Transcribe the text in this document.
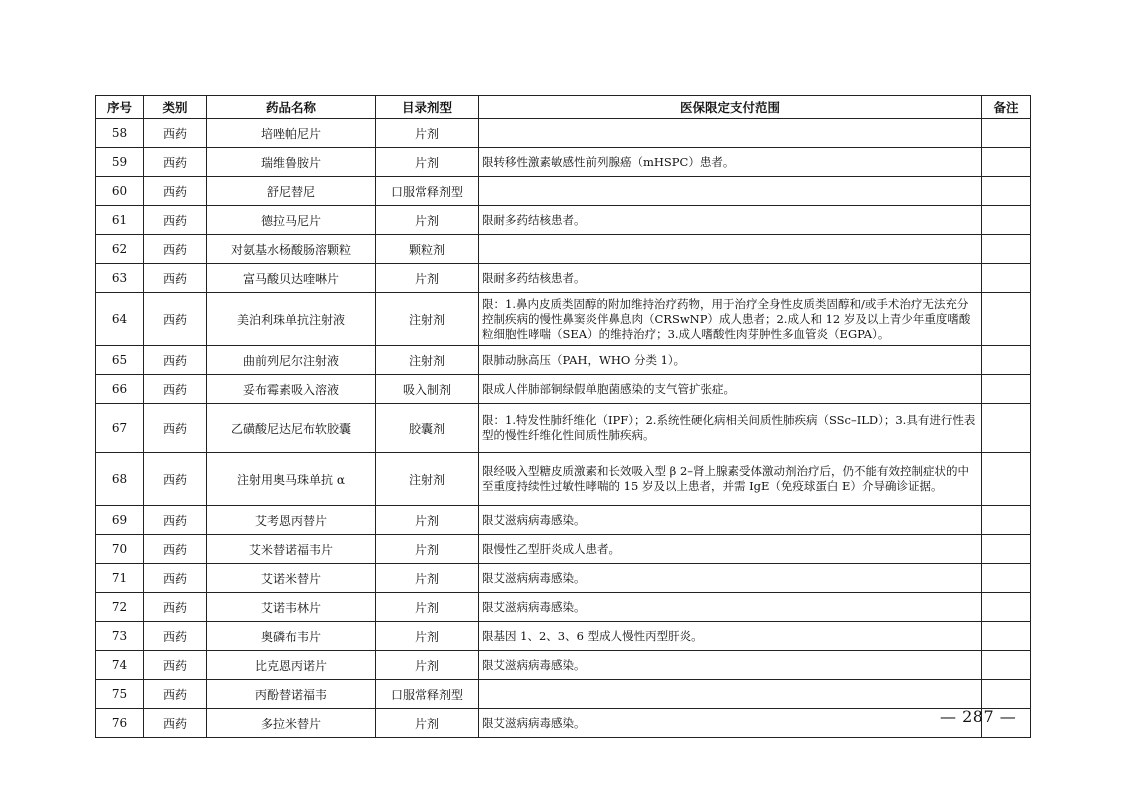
序号	类别	药品名称	目录剂型	医保限定支付范围	备注
58	西药	培唑帕尼片	片剂		
59	西药	瑞维鲁胺片	片剂	限转移性激素敏感性前列腺癌（mHSPC）患者。	
60	西药	舒尼替尼	口服常释剂型		
61	西药	德拉马尼片	片剂	限耐多药结核患者。	
62	西药	对氨基水杨酸肠溶颗粒	颗粒剂		
63	西药	富马酸贝达喹啉片	片剂	限耐多药结核患者。	
64	西药	美泊利珠单抗注射液	注射剂	限：1.鼻内皮质类固醇的附加维持治疗药物，用于治疗全身性皮质类固醇和/或手术治疗无法充分控制疾病的慢性鼻窦炎伴鼻息肉（CRSwNP）成人患者；2.成人和 12 岁及以上青少年重度嗜酸粒细胞性哮喘（SEA）的维持治疗；3.成人嗜酸性肉芽肿性多血管炎（EGPA）。	
65	西药	曲前列尼尔注射液	注射剂	限肺动脉高压（PAH，WHO 分类 1）。	
66	西药	妥布霉素吸入溶液	吸入制剂	限成人伴肺部铜绿假单胞菌感染的支气管扩张症。	
67	西药	乙磺酸尼达尼布软胶囊	胶囊剂	限：1.特发性肺纤维化（IPF）；2.系统性硬化病相关间质性肺疾病（SSc–ILD）；3.具有进行性表型的慢性纤维化性间质性肺疾病。	
68	西药	注射用奥马珠单抗 α	注射剂	限经吸入型糖皮质激素和长效吸入型 β 2–肾上腺素受体激动剂治疗后，仍不能有效控制症状的中至重度持续性过敏性哮喘的 15 岁及以上患者，并需 IgE（免疫球蛋白 E）介导确诊证据。	
69	西药	艾考恩丙替片	片剂	限艾滋病病毒感染。	
70	西药	艾米替诺福韦片	片剂	限慢性乙型肝炎成人患者。	
71	西药	艾诺米替片	片剂	限艾滋病病毒感染。	
72	西药	艾诺韦林片	片剂	限艾滋病病毒感染。	
73	西药	奥磷布韦片	片剂	限基因 1、2、3、6 型成人慢性丙型肝炎。	
74	西药	比克恩丙诺片	片剂	限艾滋病病毒感染。	
75	西药	丙酚替诺福韦	口服常释剂型		
76	西药	多拉米替片	片剂	限艾滋病病毒感染。		— 287 —
